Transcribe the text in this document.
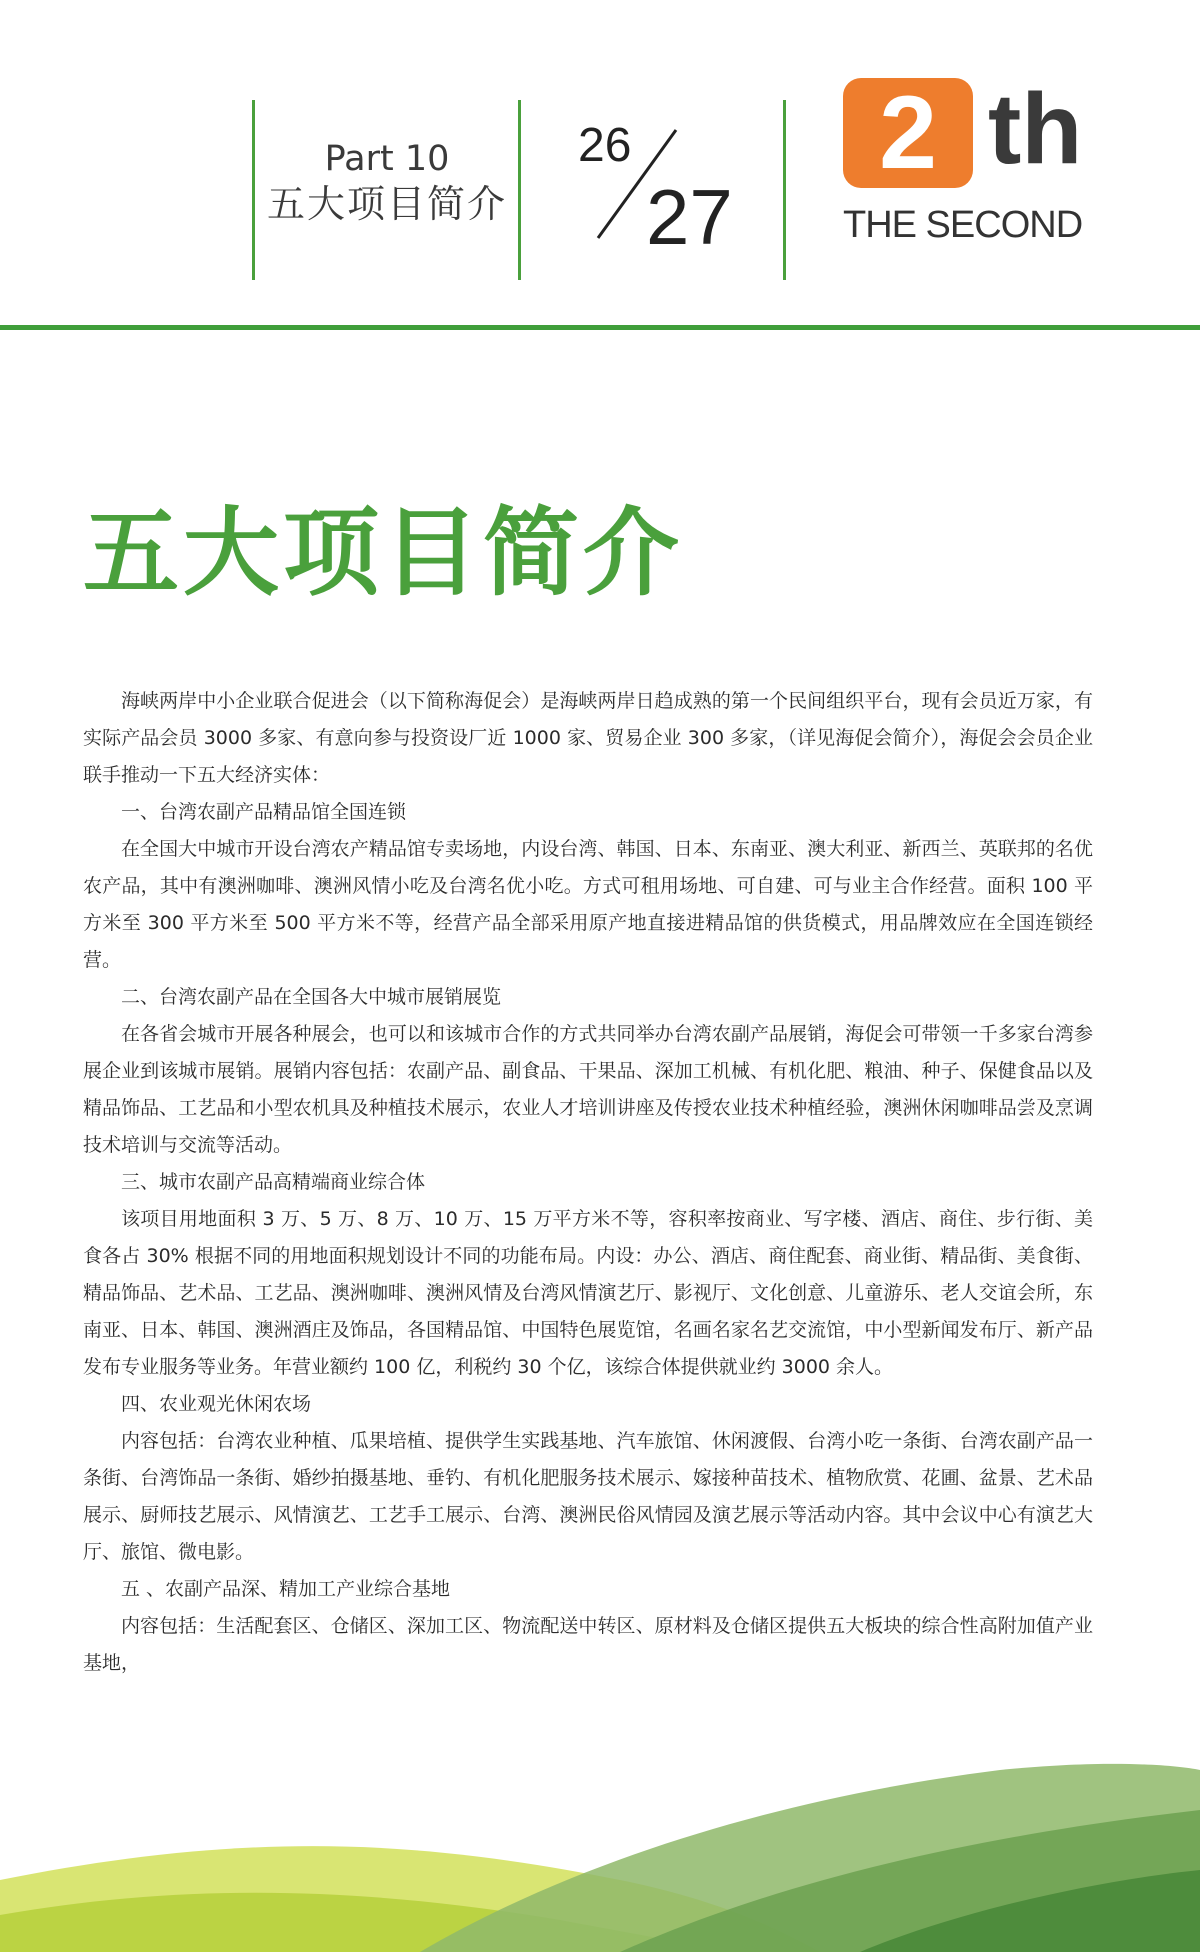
Part 10
五大项目简介
26
27
2 th
THE SECOND
五大项目简介

海峡两岸中小企业联合促进会（以下简称海促会）是海峡两岸日趋成熟的第一个民间组织平台，现有会员近万家，有实际产品会员 3000 多家、有意向参与投资设厂近 1000 家、贸易企业 300 多家，（详见海促会简介），海促会会员企业联手推动一下五大经济实体：

一、台湾农副产品精品馆全国连锁

在全国大中城市开设台湾农产精品馆专卖场地，内设台湾、韩国、日本、东南亚、澳大利亚、新西兰、英联邦的名优农产品，其中有澳洲咖啡、澳洲风情小吃及台湾名优小吃。方式可租用场地、可自建、可与业主合作经营。面积 100 平方米至 300 平方米至 500 平方米不等，经营产品全部采用原产地直接进精品馆的供货模式，用品牌效应在全国连锁经营。

二、台湾农副产品在全国各大中城市展销展览

在各省会城市开展各种展会，也可以和该城市合作的方式共同举办台湾农副产品展销，海促会可带领一千多家台湾参展企业到该城市展销。展销内容包括：农副产品、副食品、干果品、深加工机械、有机化肥、粮油、种子、保健食品以及精品饰品、工艺品和小型农机具及种植技术展示，农业人才培训讲座及传授农业技术种植经验，澳洲休闲咖啡品尝及烹调技术培训与交流等活动。

三、城市农副产品高精端商业综合体

该项目用地面积 3 万、5 万、8 万、10 万、15 万平方米不等，容积率按商业、写字楼、酒店、商住、步行街、美食各占 30% 根据不同的用地面积规划设计不同的功能布局。内设：办公、酒店、商住配套、商业街、精品街、美食街、精品饰品、艺术品、工艺品、澳洲咖啡、澳洲风情及台湾风情演艺厅、影视厅、文化创意、儿童游乐、老人交谊会所，东南亚、日本、韩国、澳洲酒庄及饰品，各国精品馆、中国特色展览馆，名画名家名艺交流馆，中小型新闻发布厅、新产品发布专业服务等业务。年营业额约 100 亿，利税约 30 个亿，该综合体提供就业约 3000 余人。

四、农业观光休闲农场

内容包括：台湾农业种植、瓜果培植、提供学生实践基地、汽车旅馆、休闲渡假、台湾小吃一条街、台湾农副产品一条街、台湾饰品一条街、婚纱拍摄基地、垂钓、有机化肥服务技术展示、嫁接种苗技术、植物欣赏、花圃、盆景、艺术品展示、厨师技艺展示、风情演艺、工艺手工展示、台湾、澳洲民俗风情园及演艺展示等活动内容。其中会议中心有演艺大厅、旅馆、微电影。

五 、农副产品深、精加工产业综合基地

内容包括：生活配套区、仓储区、深加工区、物流配送中转区、原材料及仓储区提供五大板块的综合性高附加值产业基地，
